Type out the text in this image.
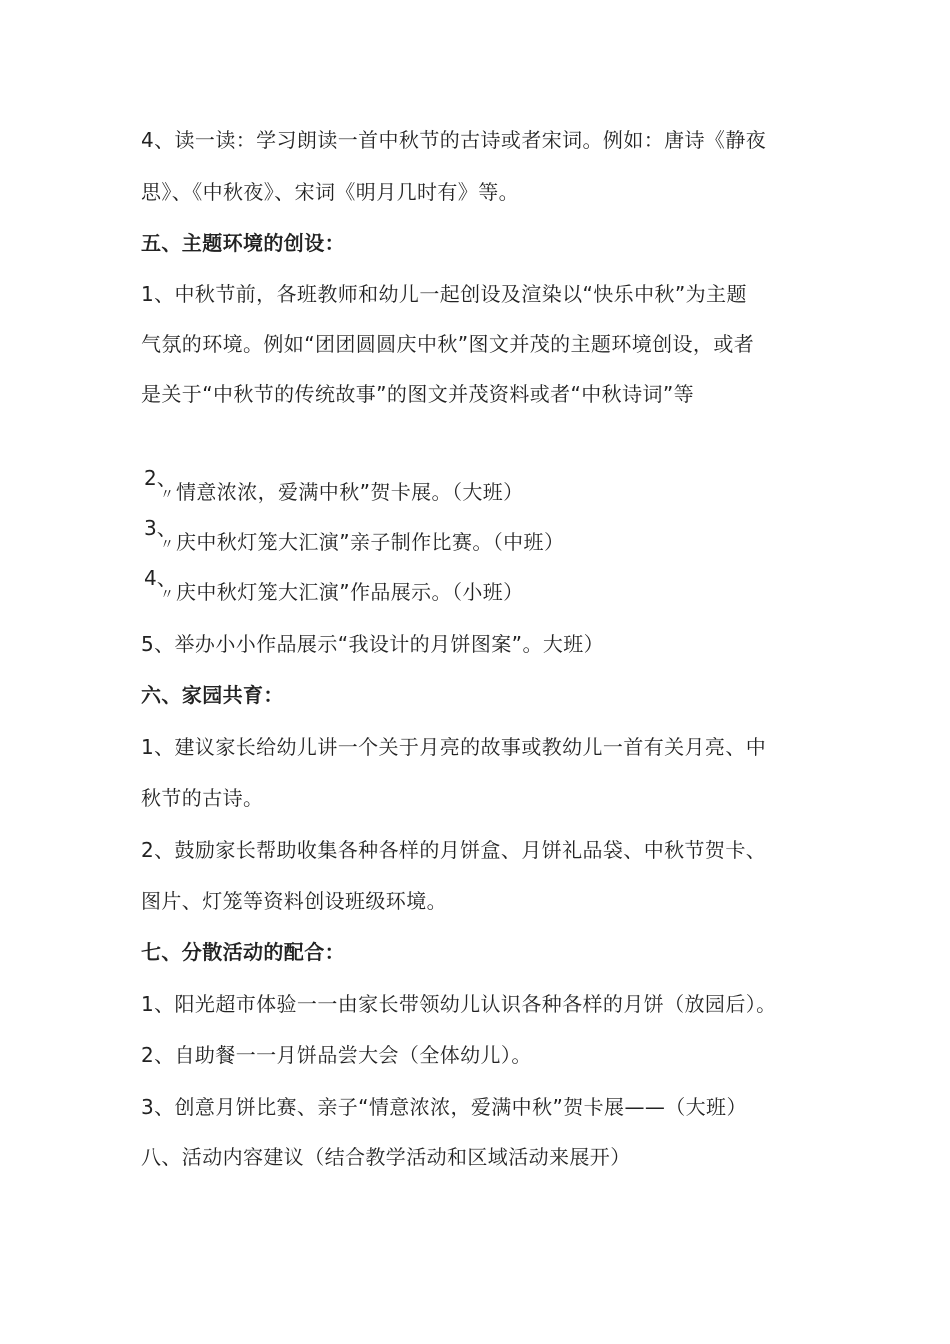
4、读一读：学习朗读一首中秋节的古诗或者宋词。例如：唐诗《静夜

思》、《中秋夜》、宋词《明月几时有》等。

五、主题环境的创设：

1、中秋节前，各班教师和幼儿一起创设及渲染以“快乐中秋”为主题

气氛的环境。例如“团团圆圆庆中秋”图文并茂的主题环境创设，或者

是关于“中秋节的传统故事”的图文并茂资料或者“中秋诗词”等

2、
〃 情意浓浓，爱满中秋”贺卡展。（大班）

3、
〃 庆中秋灯笼大汇演”亲子制作比赛。（中班）

4、
〃 庆中秋灯笼大汇演”作品展示。（小班）

5、举办小小作品展示“我设计的月饼图案”。大班）

六、家园共育：

1、建议家长给幼儿讲一个关于月亮的故事或教幼儿一首有关月亮、中

秋节的古诗。

2、鼓励家长帮助收集各种各样的月饼盒、月饼礼品袋、中秋节贺卡、

图片、灯笼等资料创设班级环境。

七、分散活动的配合：

1、阳光超市体验一一由家长带领幼儿认识各种各样的月饼（放园后）。

2、自助餐一一月饼品尝大会（全体幼儿）。

3、创意月饼比赛、亲子“情意浓浓，爱满中秋”贺卡展——（大班）

八、活动内容建议（结合教学活动和区域活动来展开）
